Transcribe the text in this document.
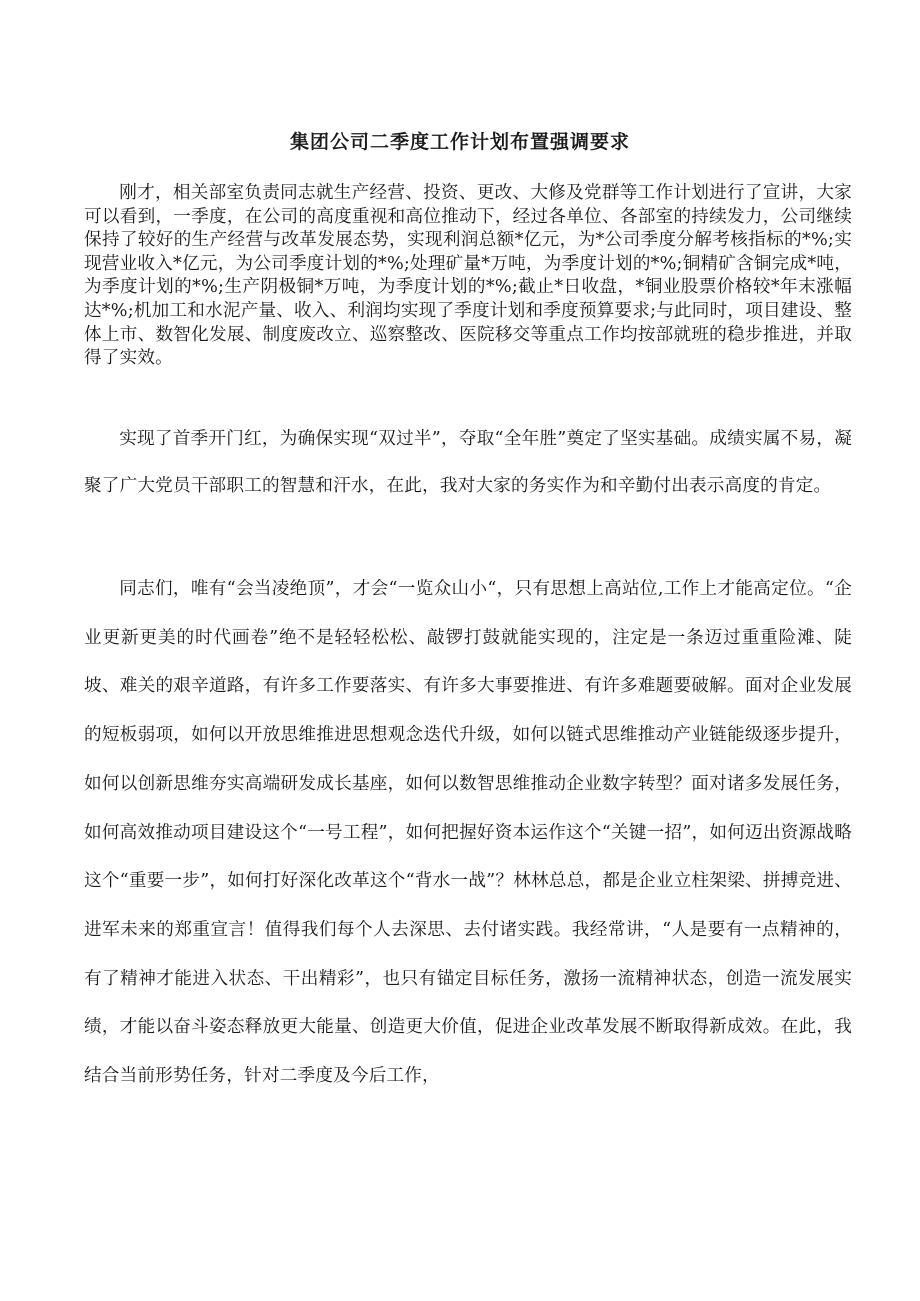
集团公司二季度工作计划布置强调要求

刚才，相关部室负责同志就生产经营、投资、更改、大修及党群等工作计划进行了宣讲，大家可以看到，一季度，在公司的高度重视和高位推动下，经过各单位、各部室的持续发力，公司继续保持了较好的生产经营与改革发展态势，实现利润总额*亿元，为*公司季度分解考核指标的*%;实现营业收入*亿元，为公司季度计划的*%;处理矿量*万吨，为季度计划的*%;铜精矿含铜完成*吨，为季度计划的*%;生产阴极铜*万吨，为季度计划的*%;截止*日收盘，*铜业股票价格较*年末涨幅达*%;机加工和水泥产量、收入、利润均实现了季度计划和季度预算要求;与此同时，项目建设、整体上市、数智化发展、制度废改立、巡察整改、医院移交等重点工作均按部就班的稳步推进，并取得了实效。

实现了首季开门红，为确保实现“双过半”，夺取“全年胜”奠定了坚实基础。成绩实属不易，凝聚了广大党员干部职工的智慧和汗水，在此，我对大家的务实作为和辛勤付出表示高度的肯定。

同志们，唯有“会当凌绝顶”，才会“一览众山小“，只有思想上高站位,工作上才能高定位。“企业更新更美的时代画卷”绝不是轻轻松松、敲锣打鼓就能实现的，注定是一条迈过重重险滩、陡坡、难关的艰辛道路，有许多工作要落实、有许多大事要推进、有许多难题要破解。面对企业发展的短板弱项，如何以开放思维推进思想观念迭代升级，如何以链式思维推动产业链能级逐步提升，如何以创新思维夯实高端研发成长基座，如何以数智思维推动企业数字转型？面对诸多发展任务，如何高效推动项目建设这个“一号工程”，如何把握好资本运作这个“关键一招”，如何迈出资源战略这个“重要一步”，如何打好深化改革这个“背水一战”？林林总总，都是企业立柱架梁、拼搏竞进、进军未来的郑重宣言！值得我们每个人去深思、去付诸实践。我经常讲，“人是要有一点精神的，有了精神才能进入状态、干出精彩”，也只有锚定目标任务，激扬一流精神状态，创造一流发展实绩，才能以奋斗姿态释放更大能量、创造更大价值，促进企业改革发展不断取得新成效。在此，我结合当前形势任务，针对二季度及今后工作，
